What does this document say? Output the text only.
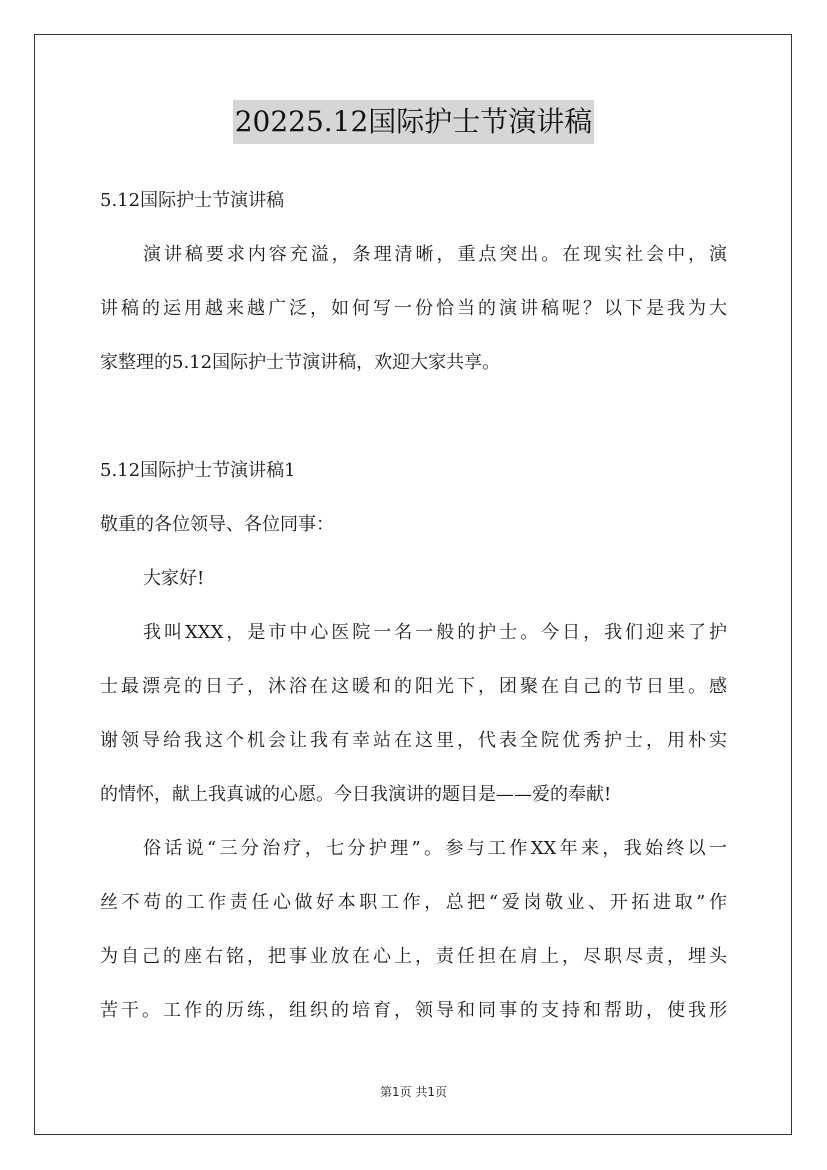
20225.12国际护士节演讲稿
5.12国际护士节演讲稿
演讲稿要求内容充溢，条理清晰，重点突出。在现实社会中，演
讲稿的运用越来越广泛，如何写一份恰当的演讲稿呢？以下是我为大
家整理的5.12国际护士节演讲稿，欢迎大家共享。
5.12国际护士节演讲稿1
敬重的各位领导、各位同事：
大家好!
我叫XXX，是市中心医院一名一般的护士。今日，我们迎来了护
士最漂亮的日子，沐浴在这暖和的阳光下，团聚在自己的节日里。感
谢领导给我这个机会让我有幸站在这里，代表全院优秀护士，用朴实
的情怀，献上我真诚的心愿。今日我演讲的题目是——爱的奉献!
俗话说“三分治疗，七分护理”。参与工作XX年来，我始终以一
丝不苟的工作责任心做好本职工作，总把“爱岗敬业、开拓进取”作
为自己的座右铭，把事业放在心上，责任担在肩上，尽职尽责，埋头
苦干。工作的历练，组织的培育，领导和同事的支持和帮助，使我形
第1页 共1页
